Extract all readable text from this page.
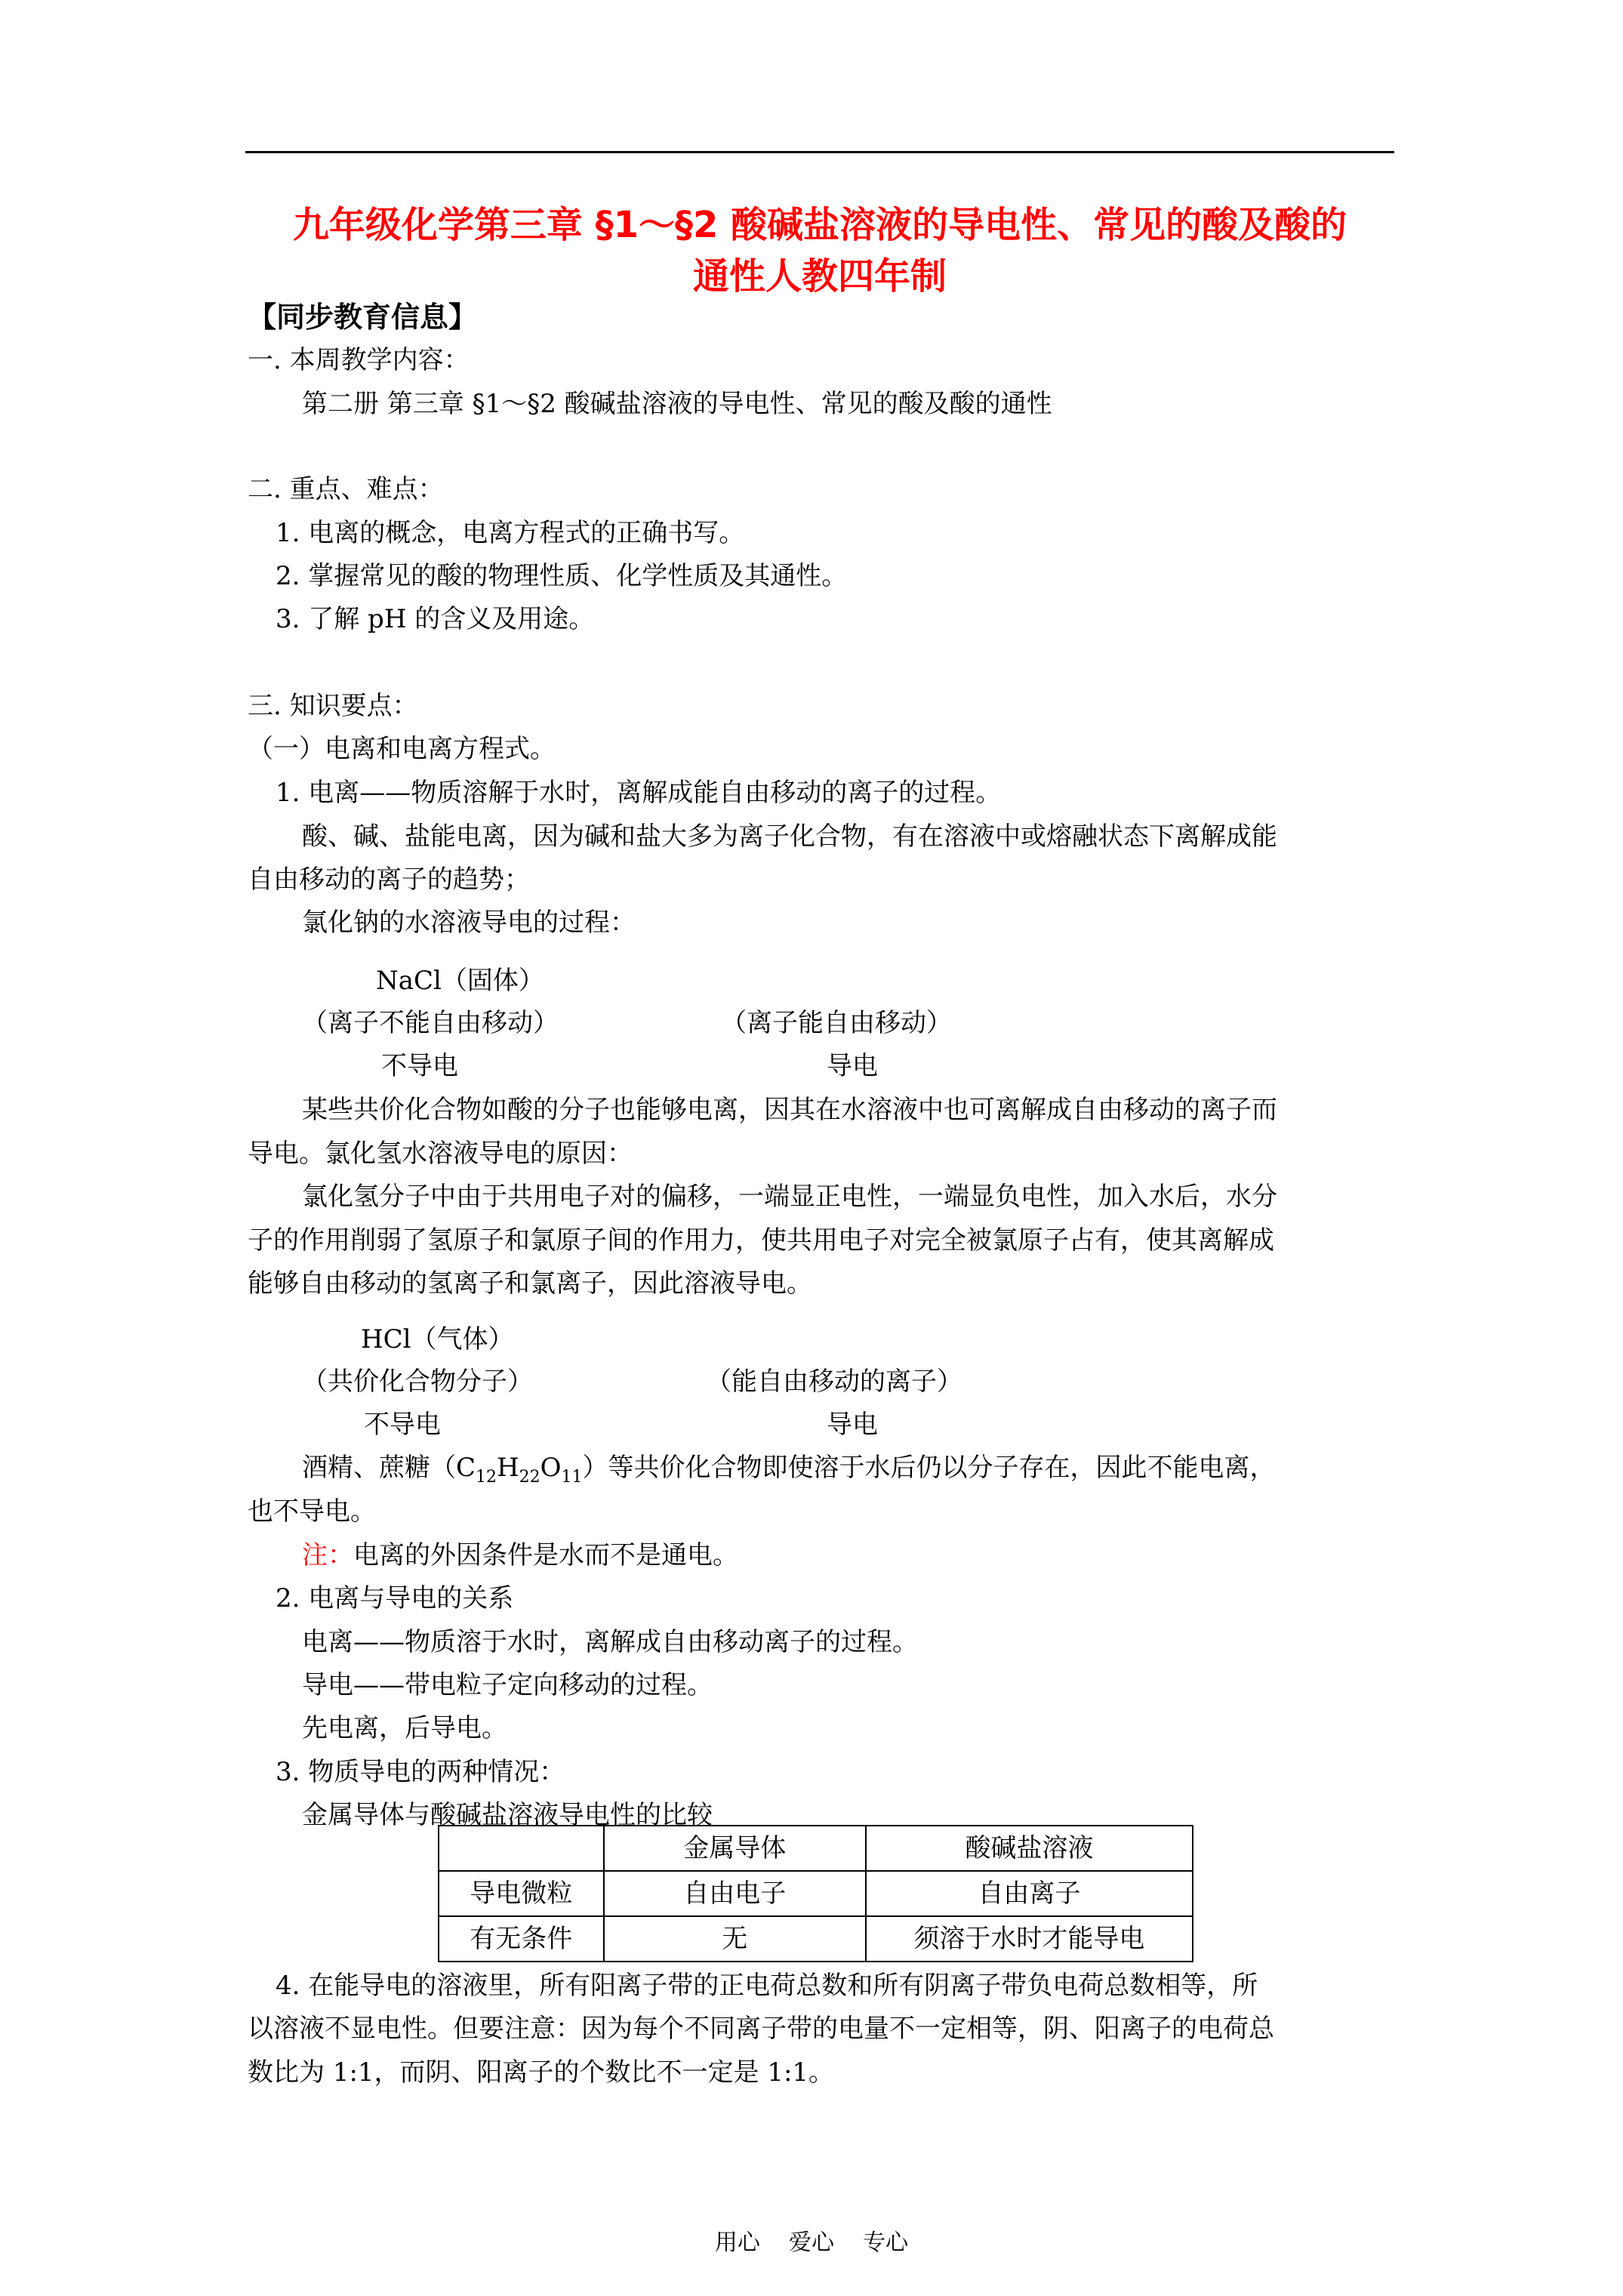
九年级化学第三章 §1～§2 酸碱盐溶液的导电性、常见的酸及酸的
通性人教四年制
【同步教育信息】
一. 本周教学内容：
第二册 第三章 §1～§2 酸碱盐溶液的导电性、常见的酸及酸的通性
二. 重点、难点：
1. 电离的概念，电离方程式的正确书写。
2. 掌握常见的酸的物理性质、化学性质及其通性。
3. 了解 pH 的含义及用途。
三. 知识要点：
（一）电离和电离方程式。
1. 电离——物质溶解于水时，离解成能自由移动的离子的过程。
酸、碱、盐能电离，因为碱和盐大多为离子化合物，有在溶液中或熔融状态下离解成能
自由移动的离子的趋势；
氯化钠的水溶液导电的过程：
NaCl（固体）
（离子不能自由移动）	（离子能自由移动）
不导电	导电
某些共价化合物如酸的分子也能够电离，因其在水溶液中也可离解成自由移动的离子而
导电。氯化氢水溶液导电的原因：
氯化氢分子中由于共用电子对的偏移，一端显正电性，一端显负电性，加入水后，水分
子的作用削弱了氢原子和氯原子间的作用力，使共用电子对完全被氯原子占有，使其离解成
能够自由移动的氢离子和氯离子，因此溶液导电。
HCl（气体）
（共价化合物分子）	（能自由移动的离子）
不导电	导电
酒精、蔗糖$(C_{12}H_{22}O_{11})$等共价化合物即使溶于水后仍以分子存在，因此不能电离，
也不导电。
注：电离的外因条件是水而不是通电。
2. 电离与导电的关系
电离——物质溶于水时，离解成自由移动离子的过程。
导电——带电粒子定向移动的过程。
先电离，后导电。
3. 物质导电的两种情况：
金属导体与酸碱盐溶液导电性的比较
	金属导体	酸碱盐溶液
导电微粒	自由电子	自由离子
有无条件	无	须溶于水时才能导电
4. 在能导电的溶液里，所有阳离子带的正电荷总数和所有阴离子带负电荷总数相等，所
以溶液不显电性。但要注意：因为每个不同离子带的电量不一定相等，阴、阳离子的电荷总
数比为 1:1，而阴、阳离子的个数比不一定是 1:1。
用心    爱心    专心
